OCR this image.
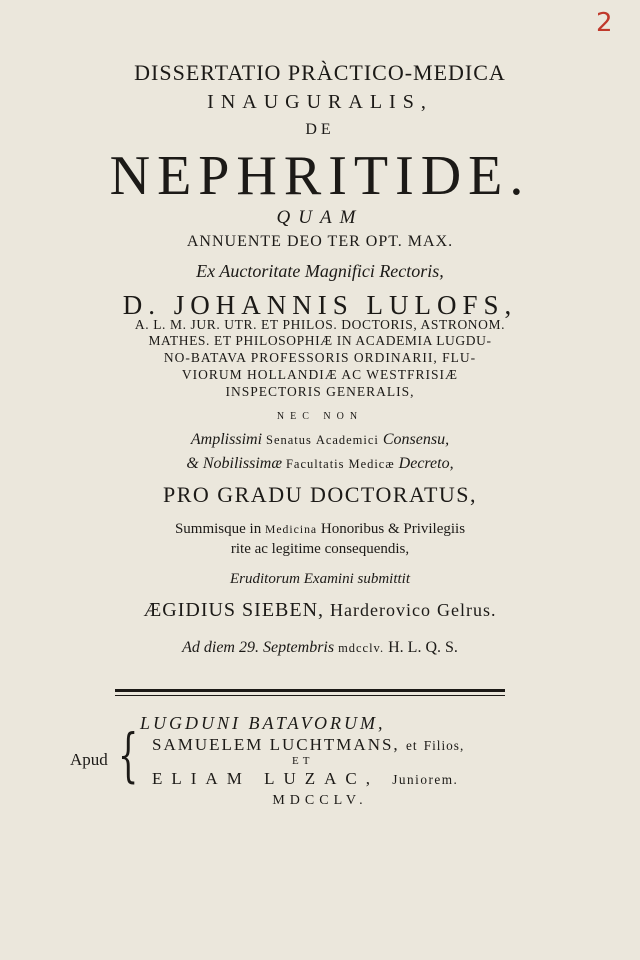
2
DISSERTATIO PRÀCTICO-MEDICA
INAUGURALIS,
DE
NEPHRITIDE.
QUAM
ANNUENTE DEO TER OPT. MAX.
Ex Auctoritate Magnifici Rectoris,
D. JOHANNIS LULOFS,
A. L. M. JUR. UTR. ET PHILOS. DOCTORIS, ASTRONOM.
MATHES. ET PHILOSOPHIÆ IN ACADEMIA LUGDU-
NO-BATAVA PROFESSORIS ORDINARII, FLU-
VIORUM HOLLANDIÆ AC WESTFRISIÆ
INSPECTORIS GENERALIS,
NEC NON
Amplissimi Senatus Academici Consensu,
& Nobilissimæ Facultatis Medicæ Decreto,
PRO GRADU DOCTORATUS,
Summisque in Medicina Honoribus & Privilegiis
rite ac legitime consequendis,
Eruditorum Examini submittit
ÆGIDIUS SIEBEN, Harderovico Gelrus.
Ad diem 29. Septembris mdcclv. H. L. Q. S.
LUGDUNI BATAVORUM,
Apud { SAMUELEM LUCHTMANS, et Filios,
ET
ELIAM LUZAC, Juniorem.
MDCCLV.
